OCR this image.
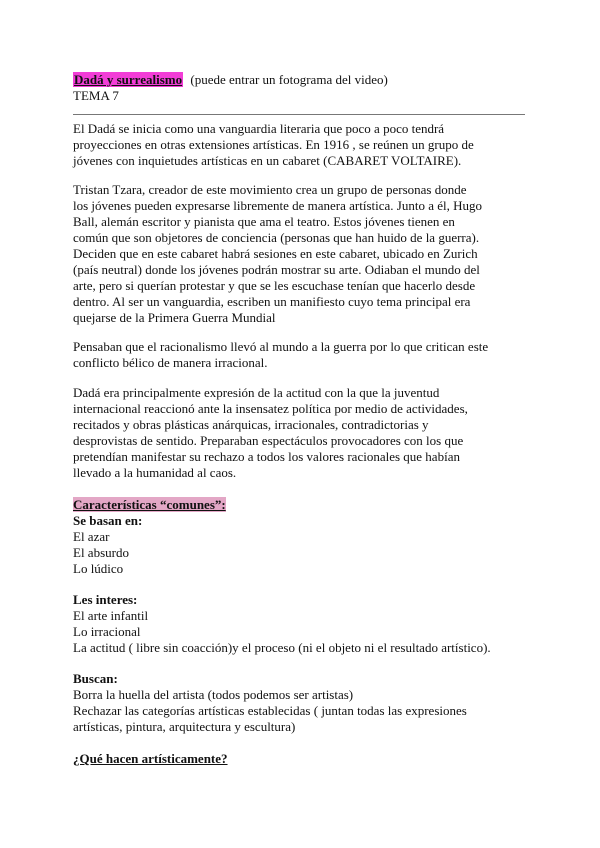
Dadá y surrealismo (puede entrar un fotograma del video)
TEMA 7
El Dadá se inicia como una vanguardia literaria que poco a poco tendrá
proyecciones en otras extensiones artísticas. En 1916 , se reúnen un grupo de
jóvenes con inquietudes artísticas en un cabaret (CABARET VOLTAIRE).
Tristan Tzara, creador de este movimiento crea un grupo de personas donde
los jóvenes pueden expresarse libremente de manera artística. Junto a él, Hugo
Ball, alemán escritor y pianista que ama el teatro. Estos jóvenes tienen en
común que son objetores de conciencia (personas que han huido de la guerra).
Deciden que en este cabaret habrá sesiones en este cabaret, ubicado en Zurich
(país neutral) donde los jóvenes podrán mostrar su arte. Odiaban el mundo del
arte, pero si querían protestar y que se les escuchase tenían que hacerlo desde
dentro. Al ser un vanguardia, escriben un manifiesto cuyo tema principal era
quejarse de la Primera Guerra Mundial
Pensaban que el racionalismo llevó al mundo a la guerra por lo que critican este
conflicto bélico de manera irracional.
Dadá era principalmente expresión de la actitud con la que la juventud
internacional reaccionó ante la insensatez política por medio de actividades,
recitados y obras plásticas anárquicas, irracionales, contradictorias y
desprovistas de sentido. Preparaban espectáculos provocadores con los que
pretendían manifestar su rechazo a todos los valores racionales que habían
llevado a la humanidad al caos.
Características “comunes”:
Se basan en:
El azar
El absurdo
Lo lúdico
Les interes:
El arte infantil
Lo irracional
La actitud ( libre sin coacción)y el proceso (ni el objeto ni el resultado artístico).
Buscan:
Borra la huella del artista (todos podemos ser artistas)
Rechazar las categorías artísticas establecidas ( juntan todas las expresiones
artísticas, pintura, arquitectura y escultura)
¿Qué hacen artísticamente?
